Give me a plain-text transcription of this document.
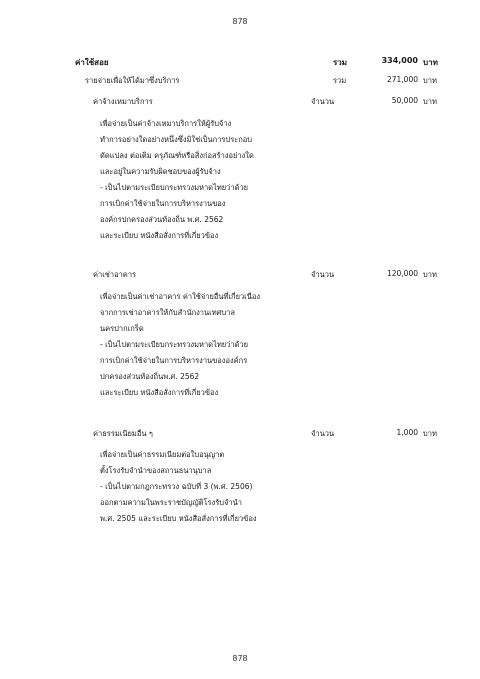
878
878
ค่าใช้สอย	รวม	334,000 บาท
รายจ่ายเพื่อให้ได้มาซึ่งบริการ	รวม	271,000 บาท
ค่าจ้างเหมาบริการ	จำนวน	50,000 บาท
เพื่อจ่ายเป็นค่าจ้างเหมาบริการให้ผู้รับจ้าง
ทำการอย่างใดอย่างหนึ่งซึ่งมิใช่เป็นการประกอบ
ดัดแปลง ต่อเติม ครุภัณฑ์หรือสิ่งก่อสร้างอย่างใด
และอยู่ในความรับผิดชอบของผู้รับจ้าง
- เป็นไปตามระเบียบกระทรวงมหาดไทยว่าด้วย
การเบิกค่าใช้จ่ายในการบริหารงานของ
องค์กรปกครองส่วนท้องถิ่น พ.ศ. 2562
และระเบียบ หนังสือสั่งการที่เกี่ยวข้อง
ค่าเช่าอาคาร	จำนวน	120,000 บาท
เพื่อจ่ายเป็นค่าเช่าอาคาร ค่าใช้จ่ายอื่นที่เกี่ยวเนื่อง
จากการเช่าอาคารให้กับสำนักงานเทศบาล
นครปากเกร็ด
- เป็นไปตามระเบียบกระทรวงมหาดไทยว่าด้วย
การเบิกค่าใช้จ่ายในการบริหารงานขององค์กร
ปกครองส่วนท้องถิ่นพ.ศ. 2562
และระเบียบ หนังสือสั่งการที่เกี่ยวข้อง
ค่าธรรมเนียมอื่น ๆ	จำนวน	1,000 บาท
เพื่อจ่ายเป็นค่าธรรมเนียมต่อใบอนุญาต
ตั้งโรงรับจำนำของสถานธนานุบาล
- เป็นไปตามกฎกระทรวง ฉบับที่ 3 (พ.ศ. 2506)
ออกตามความในพระราชบัญญัติโรงรับจำนำ
พ.ศ. 2505 และระเบียบ หนังสือสั่งการที่เกี่ยวข้อง
